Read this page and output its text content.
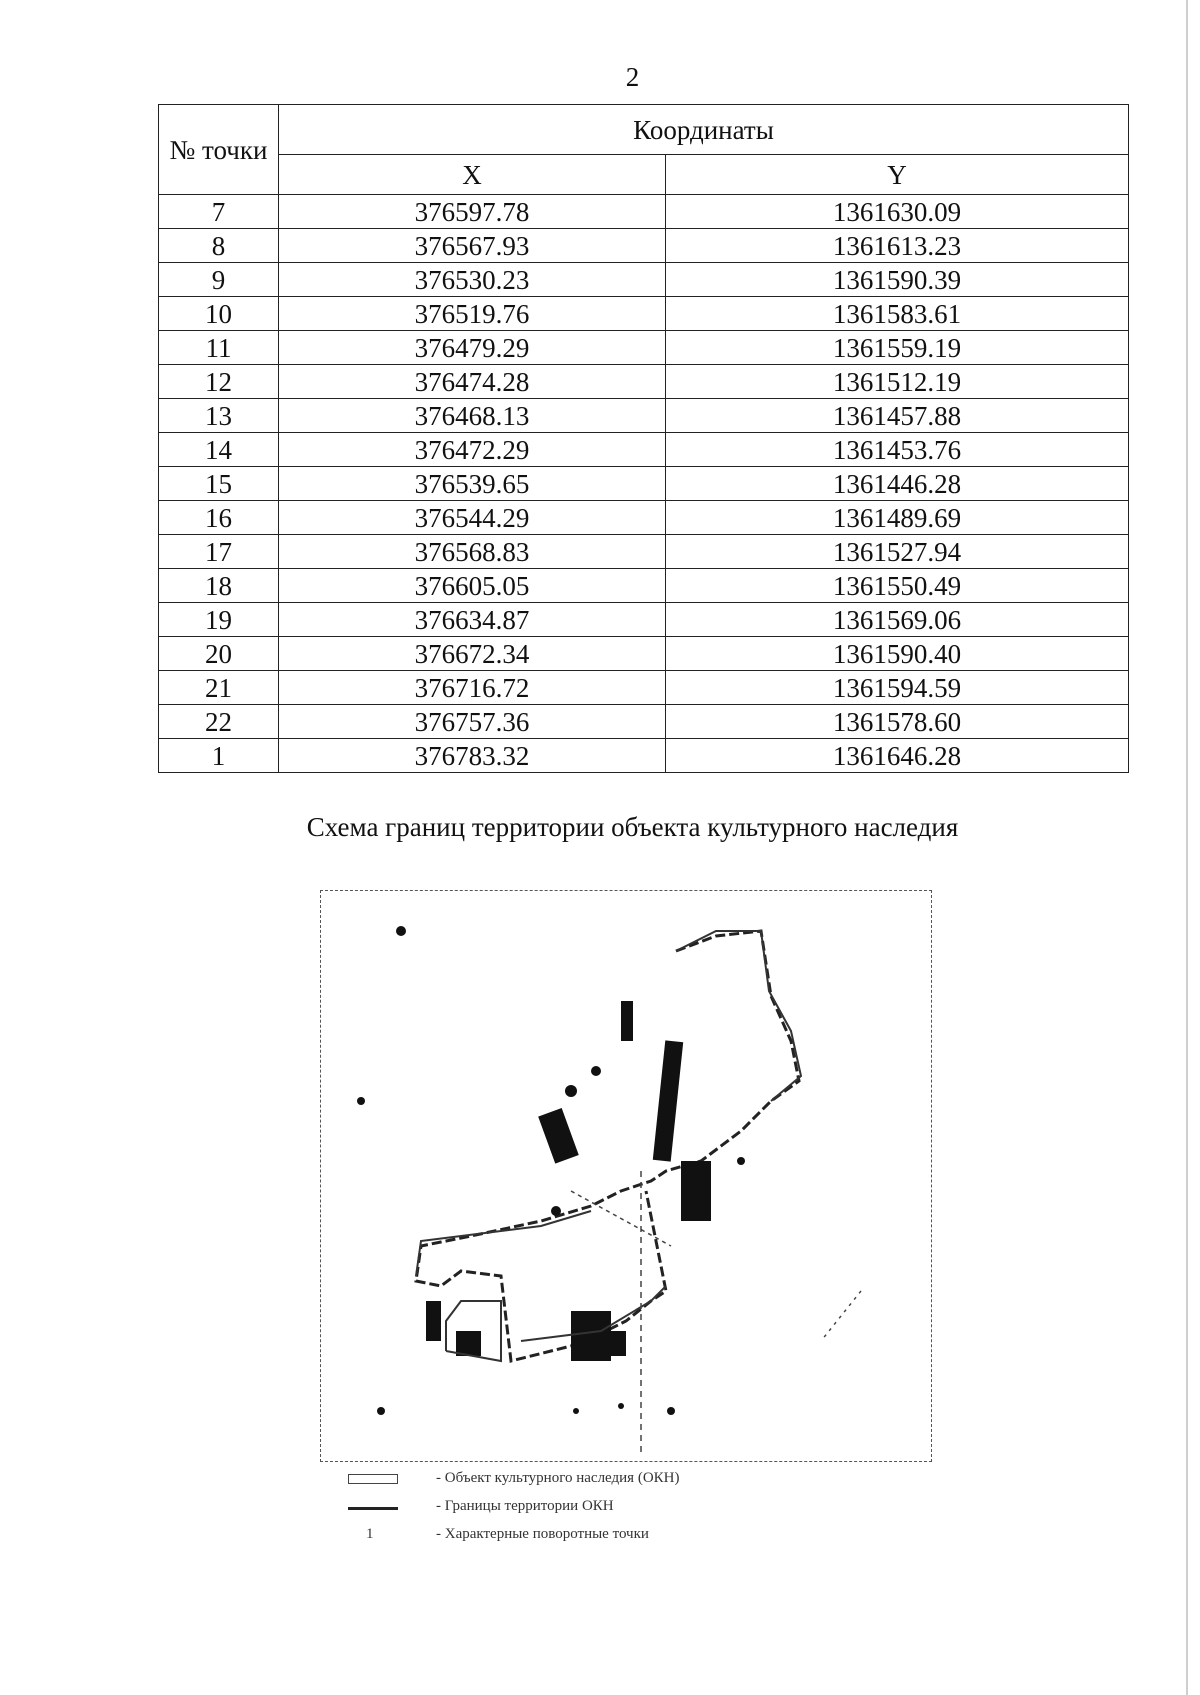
2
№ точки	Координаты	
	X	Y
7	376597.78	1361630.09
8	376567.93	1361613.23
9	376530.23	1361590.39
10	376519.76	1361583.61
11	376479.29	1361559.19
12	376474.28	1361512.19
13	376468.13	1361457.88
14	376472.29	1361453.76
15	376539.65	1361446.28
16	376544.29	1361489.69
17	376568.83	1361527.94
18	376605.05	1361550.49
19	376634.87	1361569.06
20	376672.34	1361590.40
21	376716.72	1361594.59
22	376757.36	1361578.60
1	376783.32	1361646.28
Схема границ территории объекта культурного наследия
- Объект культурного наследия (ОКН)
- Границы территории ОКН
1	- Характерные поворотные точки
